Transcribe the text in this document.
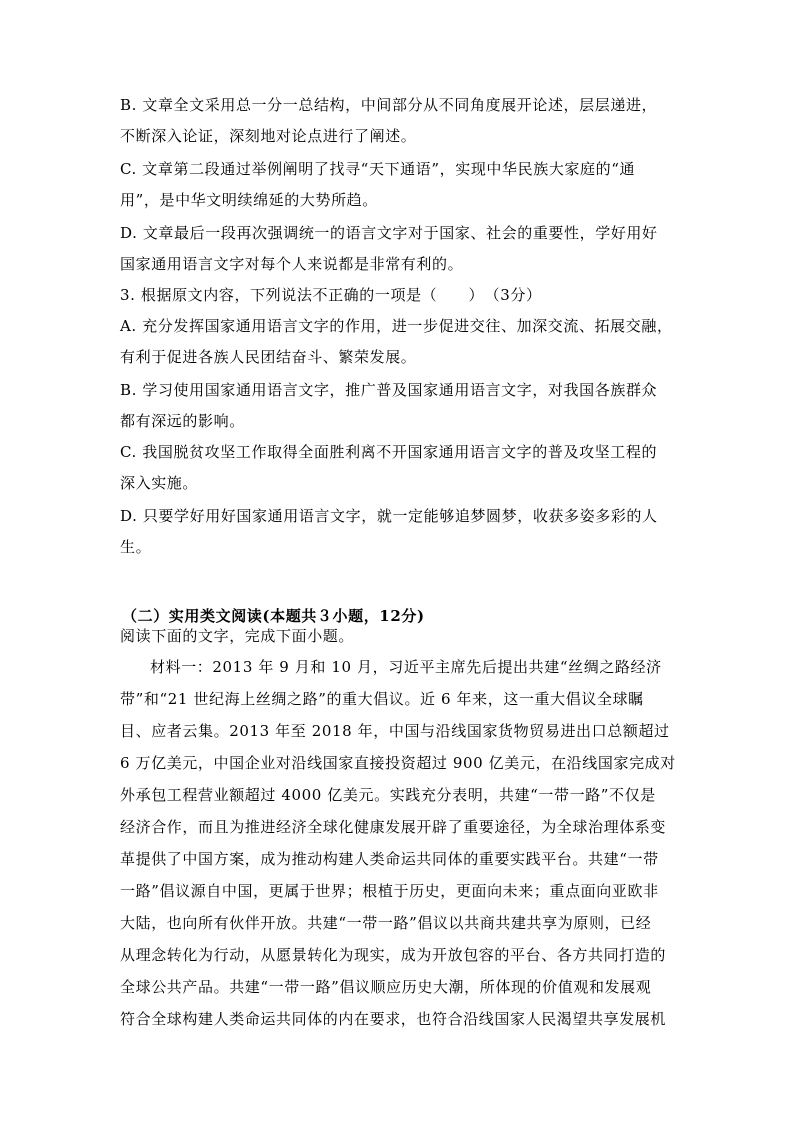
B. 文章全文采用总一分一总结构，中间部分从不同角度展开论述，层层递进，
不断深入论证，深刻地对论点进行了阐述。
C. 文章第二段通过举例阐明了找寻“天下通语”，实现中华民族大家庭的“通
用”，是中华文明续绵延的大势所趋。
D. 文章最后一段再次强调统一的语言文字对于国家、社会的重要性，学好用好
国家通用语言文字对每个人来说都是非常有利的。
3. 根据原文内容，下列说法不正确的一项是（　　）　（3分）
A. 充分发挥国家通用语言文字的作用，进一步促进交往、加深交流、拓展交融，
有利于促进各族人民团结奋斗、繁荣发展。
B. 学习使用国家通用语言文字，推广普及国家通用语言文字，对我国各族群众
都有深远的影响。
C. 我国脱贫攻坚工作取得全面胜利离不开国家通用语言文字的普及攻坚工程的
深入实施。
D. 只要学好用好国家通用语言文字，就一定能够追梦圆梦，收获多姿多彩的人
生。
（二）实用类文阅读(本题共３小题，12分)
阅读下面的文字，完成下面小题。
材料一：2013 年 9 月和 10 月，习近平主席先后提出共建“丝绸之路经济
带”和“21 世纪海上丝绸之路”的重大倡议。近 6 年来，这一重大倡议全球瞩
目、应者云集。2013 年至 2018 年，中国与沿线国家货物贸易进出口总额超过
6 万亿美元，中国企业对沿线国家直接投资超过 900 亿美元，在沿线国家完成对
外承包工程营业额超过 4000 亿美元。实践充分表明，共建“一带一路”不仅是
经济合作，而且为推进经济全球化健康发展开辟了重要途径，为全球治理体系变
革提供了中国方案，成为推动构建人类命运共同体的重要实践平台。共建“一带
一路”倡议源自中国，更属于世界；根植于历史，更面向未来；重点面向亚欧非
大陆，也向所有伙伴开放。共建“一带一路”倡议以共商共建共享为原则，已经
从理念转化为行动，从愿景转化为现实，成为开放包容的平台、各方共同打造的
全球公共产品。共建“一带一路”倡议顺应历史大潮，所体现的价值观和发展观
符合全球构建人类命运共同体的内在要求，也符合沿线国家人民渴望共享发展机
